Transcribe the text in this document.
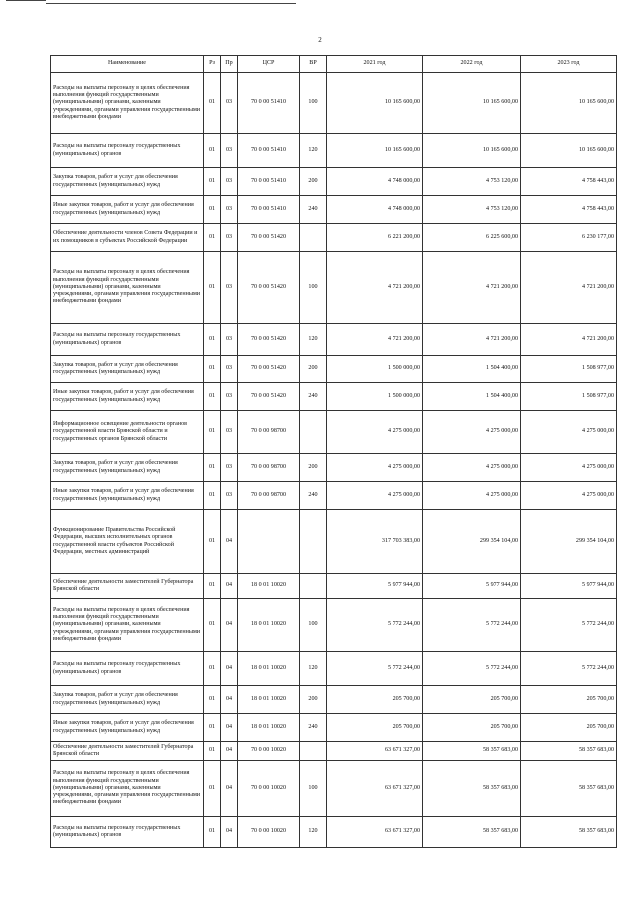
2
Наименование	Рз	Пр	ЦСР	ВР	2021 год	2022 год	2023 год
Расходы на выплаты персоналу в целях обеспечения выполнения функций государственными (муниципальными) органами, казенными учреждениями, органами управления государственными внебюджетными фондами	01	03	70 0 00 51410	100	10 165 600,00	10 165 600,00	10 165 600,00
Расходы на выплаты персоналу государственных (муниципальных) органов	01	03	70 0 00 51410	120	10 165 600,00	10 165 600,00	10 165 600,00
Закупка товаров, работ и услуг для обеспечения государственных (муниципальных) нужд	01	03	70 0 00 51410	200	4 748 000,00	4 753 120,00	4 758 443,00
Иные закупки товаров, работ и услуг для обеспечения государственных (муниципальных) нужд	01	03	70 0 00 51410	240	4 748 000,00	4 753 120,00	4 758 443,00
Обеспечение деятельности членов Совета Федерации и их помощников в субъектах Российской Федерации	01	03	70 0 00 51420		6 221 200,00	6 225 600,00	6 230 177,00
Расходы на выплаты персоналу в целях обеспечения выполнения функций государственными (муниципальными) органами, казенными учреждениями, органами управления государственными внебюджетными фондами	01	03	70 0 00 51420	100	4 721 200,00	4 721 200,00	4 721 200,00
Расходы на выплаты персоналу государственных (муниципальных) органов	01	03	70 0 00 51420	120	4 721 200,00	4 721 200,00	4 721 200,00
Закупка товаров, работ и услуг для обеспечения государственных (муниципальных) нужд	01	03	70 0 00 51420	200	1 500 000,00	1 504 400,00	1 508 977,00
Иные закупки товаров, работ и услуг для обеспечения государственных (муниципальных) нужд	01	03	70 0 00 51420	240	1 500 000,00	1 504 400,00	1 508 977,00
Информационное освещение деятельности органов государственной власти Брянской области и государственных органов Брянской области	01	03	70 0 00 98700		4 275 000,00	4 275 000,00	4 275 000,00
Закупка товаров, работ и услуг для обеспечения государственных (муниципальных) нужд	01	03	70 0 00 98700	200	4 275 000,00	4 275 000,00	4 275 000,00
Иные закупки товаров, работ и услуг для обеспечения государственных (муниципальных) нужд	01	03	70 0 00 98700	240	4 275 000,00	4 275 000,00	4 275 000,00
Функционирование Правительства Российской Федерации, высших исполнительных органов государственной власти субъектов Российской Федерации, местных администраций	01	04			317 703 383,00	299 354 104,00	299 354 104,00
Обеспечение деятельности заместителей Губернатора Брянской области	01	04	18 0 01 10020		5 977 944,00	5 977 944,00	5 977 944,00
Расходы на выплаты персоналу в целях обеспечения выполнения функций государственными (муниципальными) органами, казенными учреждениями, органами управления государственными внебюджетными фондами	01	04	18 0 01 10020	100	5 772 244,00	5 772 244,00	5 772 244,00
Расходы на выплаты персоналу государственных (муниципальных) органов	01	04	18 0 01 10020	120	5 772 244,00	5 772 244,00	5 772 244,00
Закупка товаров, работ и услуг для обеспечения государственных (муниципальных) нужд	01	04	18 0 01 10020	200	205 700,00	205 700,00	205 700,00
Иные закупки товаров, работ и услуг для обеспечения государственных (муниципальных) нужд	01	04	18 0 01 10020	240	205 700,00	205 700,00	205 700,00
Обеспечение деятельности заместителей Губернатора Брянской области	01	04	70 0 00 10020		63 671 327,00	58 357 683,00	58 357 683,00
Расходы на выплаты персоналу в целях обеспечения выполнения функций государственными (муниципальными) органами, казенными учреждениями, органами управления государственными внебюджетными фондами	01	04	70 0 00 10020	100	63 671 327,00	58 357 683,00	58 357 683,00
Расходы на выплаты персоналу государственных (муниципальных) органов	01	04	70 0 00 10020	120	63 671 327,00	58 357 683,00	58 357 683,00
